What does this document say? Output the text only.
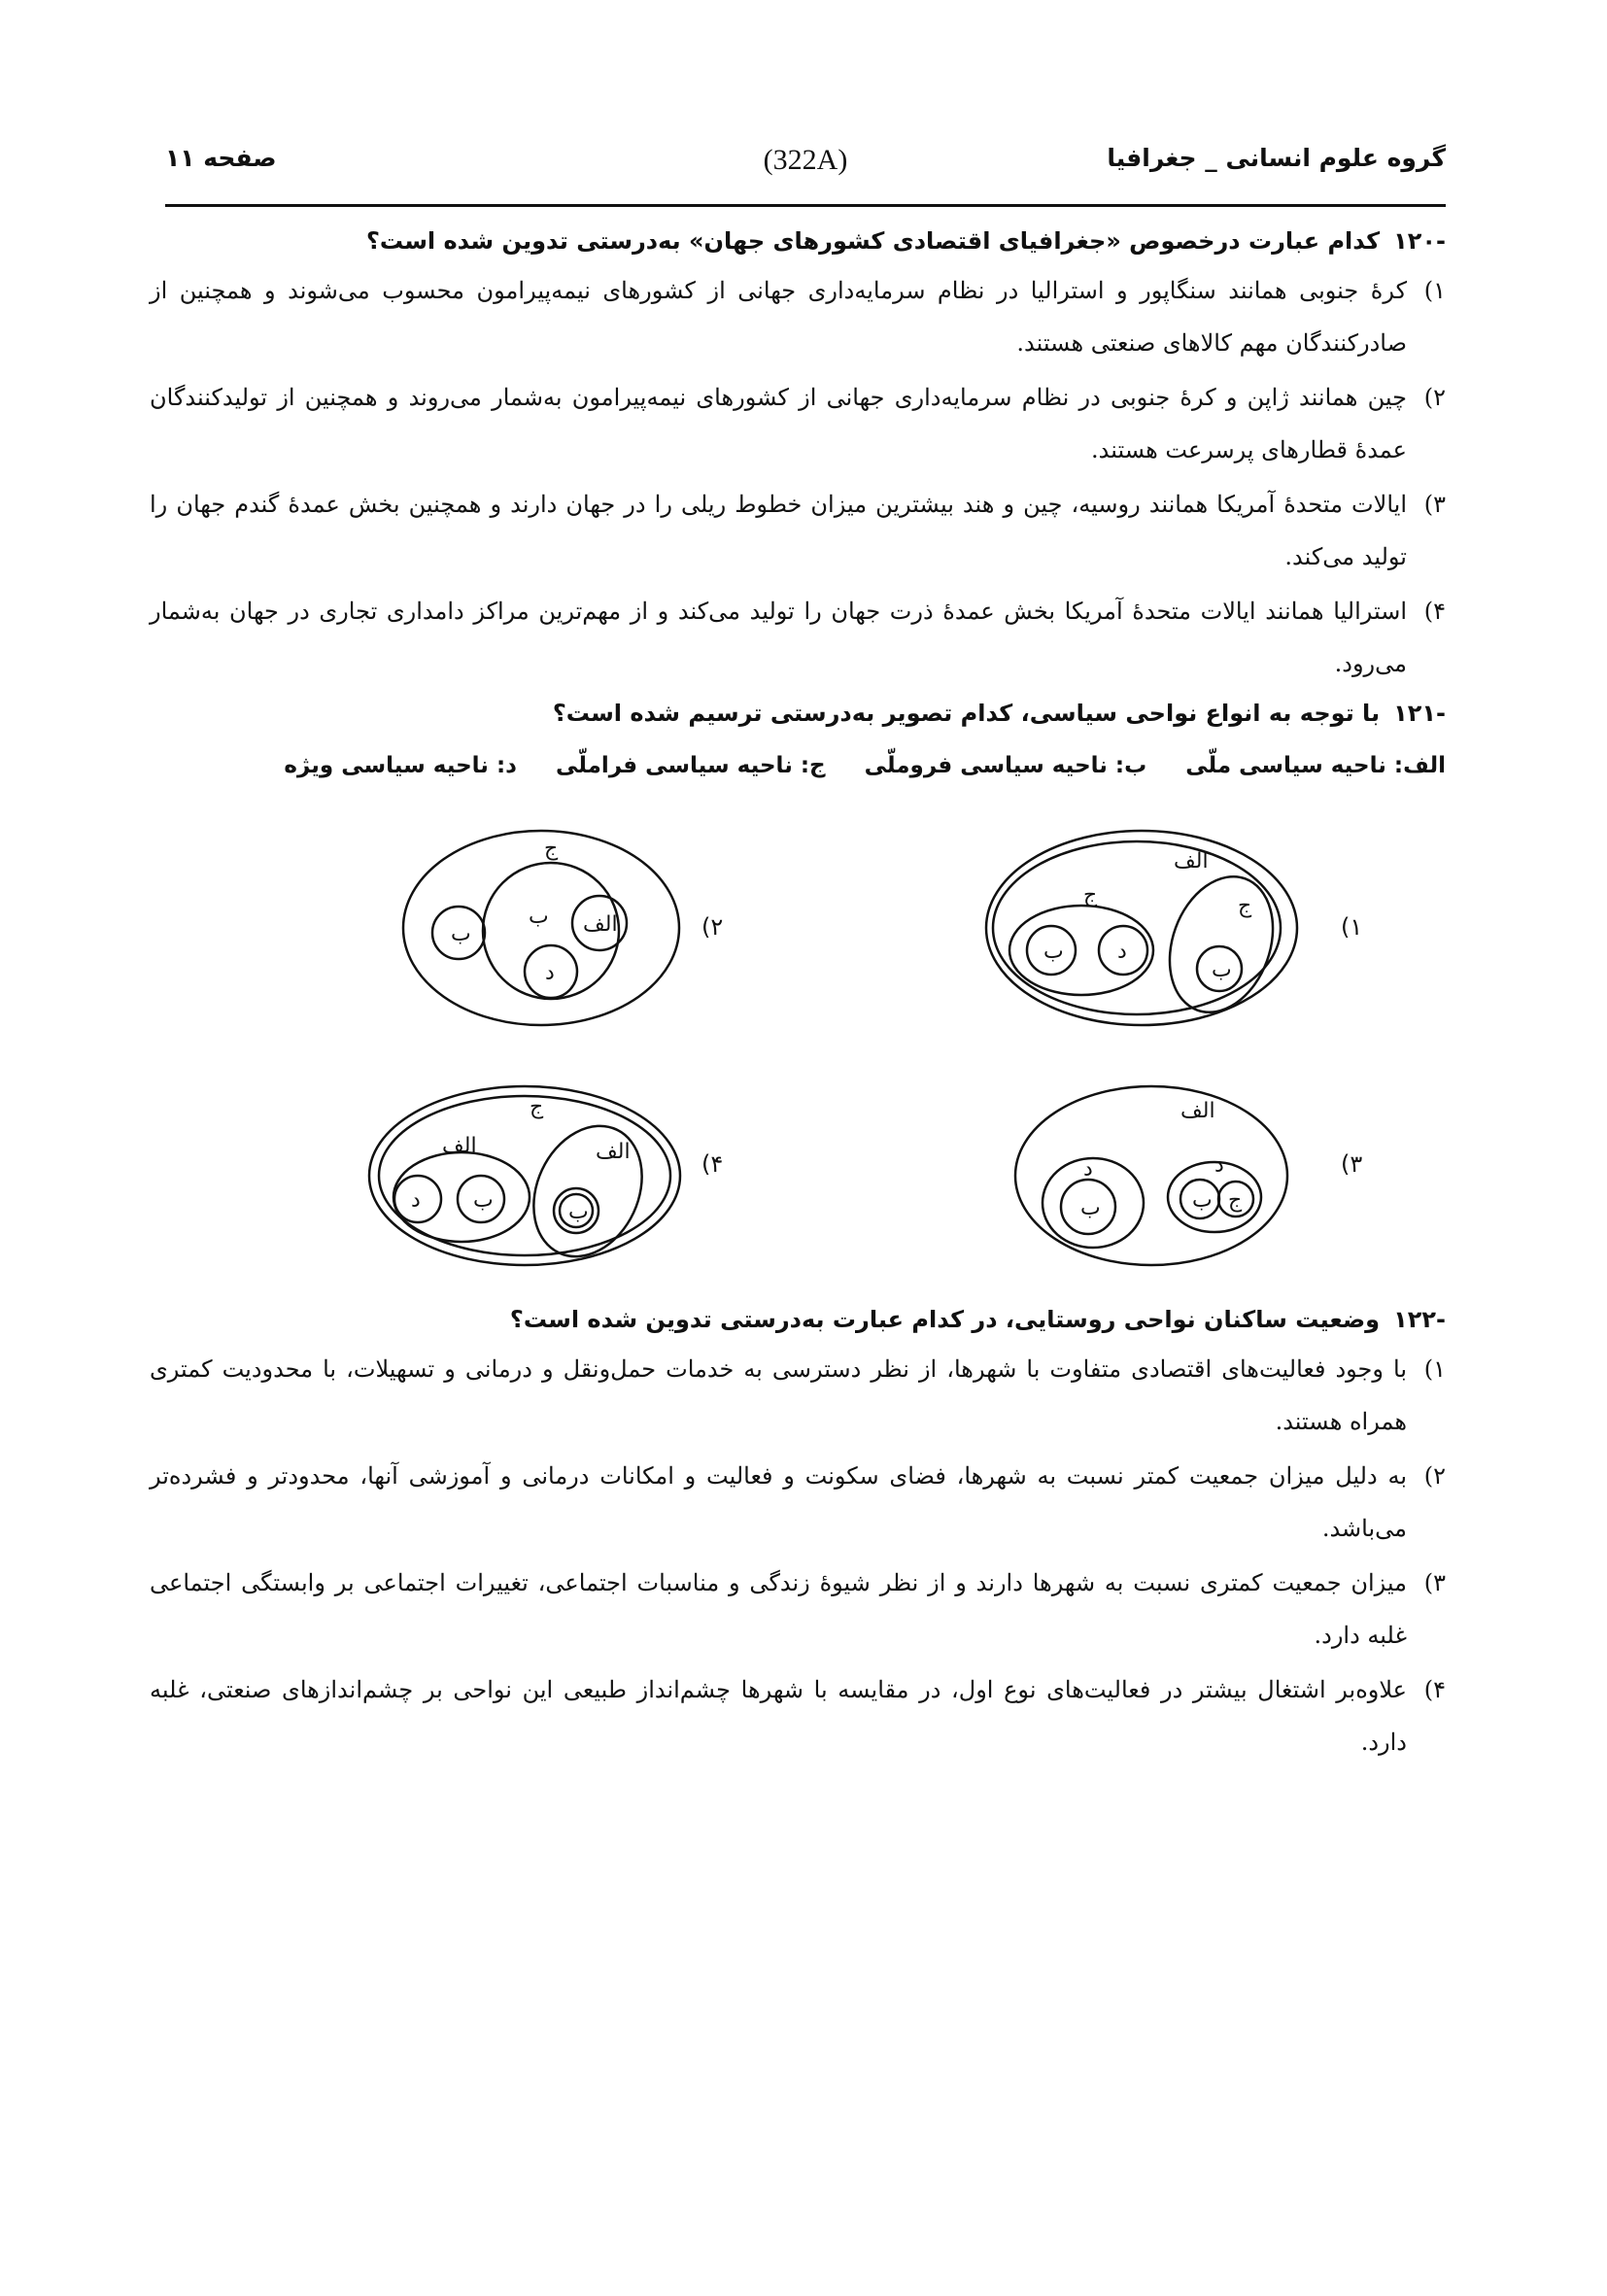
گروه علوم انسانی _ جغرافیا
(322A)
صفحه ۱۱
-۱۲۰
کدام عبارت درخصوص «جغرافیای اقتصادی کشورهای جهان» به‌درستی تدوین شده است؟
۱)
کرهٔ جنوبی همانند سنگاپور و استرالیا در نظام سرمایه‌داری جهانی از کشورهای نیمه‌پیرامون محسوب می‌شوند و همچنین از صادرکنندگان مهم کالاهای صنعتی هستند.
۲)
چین همانند ژاپن و کرهٔ جنوبی در نظام سرمایه‌داری جهانی از کشورهای نیمه‌پیرامون به‌شمار می‌روند و همچنین از تولیدکنندگان عمدهٔ قطارهای پرسرعت هستند.
۳)
ایالات متحدهٔ آمریکا همانند روسیه، چین و هند بیشترین میزان خطوط ریلی را در جهان دارند و همچنین بخش عمدهٔ گندم جهان را تولید می‌کند.
۴)
استرالیا همانند ایالات متحدهٔ آمریکا بخش عمدهٔ ذرت جهان را تولید می‌کند و از مهم‌ترین مراکز دامداری تجاری در جهان به‌شمار می‌رود.
-۱۲۱
با توجه به انواع نواحی سیاسی، کدام تصویر به‌درستی ترسیم شده است؟
الف: ناحیه سیاسی ملّی
ب: ناحیه سیاسی فروملّی
ج: ناحیه سیاسی فراملّی
د: ناحیه سیاسی ویژه
۱)
۲)
۳)
۴)
الف
ج	ج
ب	د
ب
ج
ب
ب الف
د
الف
د
ب
د
ب ج
ج
الف
د ب
الف
ب
-۱۲۲
وضعیت ساکنان نواحی روستایی، در کدام عبارت به‌درستی تدوین شده است؟
۱)
با وجود فعالیت‌های اقتصادی متفاوت با شهرها، از نظر دسترسی به خدمات حمل‌ونقل و درمانی و تسهیلات، با محدودیت کمتری همراه هستند.
۲)
به دلیل میزان جمعیت کمتر نسبت به شهرها، فضای سکونت و فعالیت و امکانات درمانی و آموزشی آنها، محدودتر و فشرده‌تر می‌باشد.
۳)
میزان جمعیت کمتری نسبت به شهرها دارند و از نظر شیوهٔ زندگی و مناسبات اجتماعی، تغییرات اجتماعی بر وابستگی اجتماعی غلبه دارد.
۴)
علاوه‌بر اشتغال بیشتر در فعالیت‌های نوع اول، در مقایسه با شهرها چشم‌انداز طبیعی این نواحی بر چشم‌اندازهای صنعتی، غلبه دارد.
